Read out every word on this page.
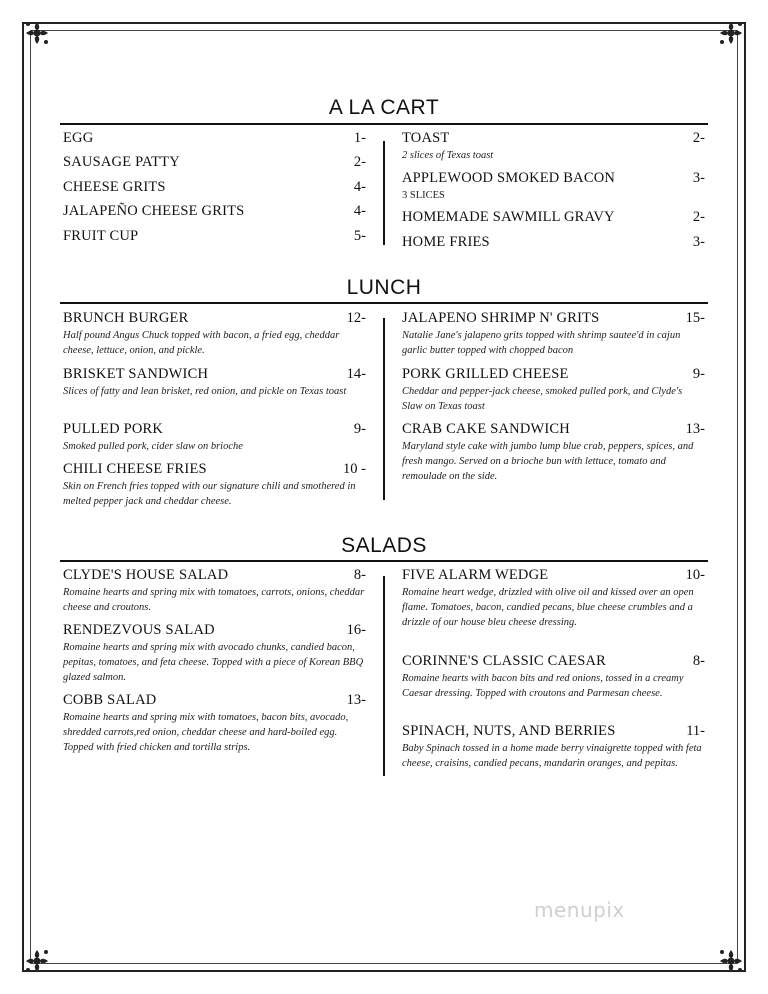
A LA CART
EGG	1-
SAUSAGE PATTY	2-
CHEESE GRITS	4-
JALAPEÑO CHEESE GRITS	4-
FRUIT CUP	5-
TOAST	2-
2 slices of Texas toast
APPLEWOOD SMOKED BACON	3-
3 SLICES
HOMEMADE SAWMILL GRAVY	2-
HOME FRIES	3-
LUNCH
BRUNCH BURGER	12-
Half pound Angus Chuck topped with bacon, a fried egg, cheddar cheese, lettuce, onion, and pickle.
BRISKET SANDWICH	14-
Slices of fatty and lean brisket, red onion, and pickle on Texas toast
PULLED PORK	9-
Smoked pulled pork, cider slaw on brioche
CHILI CHEESE FRIES	10 -
Skin on French fries topped with our signature chili and smothered in melted pepper jack and cheddar cheese.
JALAPENO SHRIMP N' GRITS	15-
Natalie Jane's jalapeno grits topped with shrimp sautee'd in cajun garlic butter topped with chopped bacon
PORK GRILLED CHEESE	9-
Cheddar and pepper-jack cheese, smoked pulled pork, and Clyde's Slaw on Texas toast
CRAB CAKE SANDWICH	13-
Maryland style cake with jumbo lump blue crab, peppers, spices, and fresh mango. Served on a brioche bun with lettuce, tomato and remoulade on the side.
SALADS
CLYDE'S HOUSE SALAD	8-
Romaine hearts and spring mix with tomatoes, carrots, onions, cheddar cheese and croutons.
RENDEZVOUS SALAD	16-
Romaine hearts and spring mix with avocado chunks, candied bacon, pepitas, tomatoes, and feta cheese. Topped with a piece of Korean BBQ glazed salmon.
COBB SALAD	13-
Romaine hearts and spring mix with tomatoes, bacon bits, avocado, shredded carrots,red onion, cheddar cheese and hard-boiled egg. Topped with fried chicken and tortilla strips.
FIVE ALARM WEDGE	10-
Romaine heart wedge, drizzled with olive oil and kissed over an open flame. Tomatoes, bacon, candied pecans, blue cheese crumbles and a drizzle of our house bleu cheese dressing.
CORINNE'S CLASSIC CAESAR	8-
Romaine hearts with bacon bits and red onions, tossed in a creamy Caesar dressing. Topped with croutons and Parmesan cheese.
SPINACH, NUTS, AND BERRIES	11-
Baby Spinach tossed in a home made berry vinaigrette topped with feta cheese, craisins, candied pecans, mandarin oranges, and pepitas.
menupix
